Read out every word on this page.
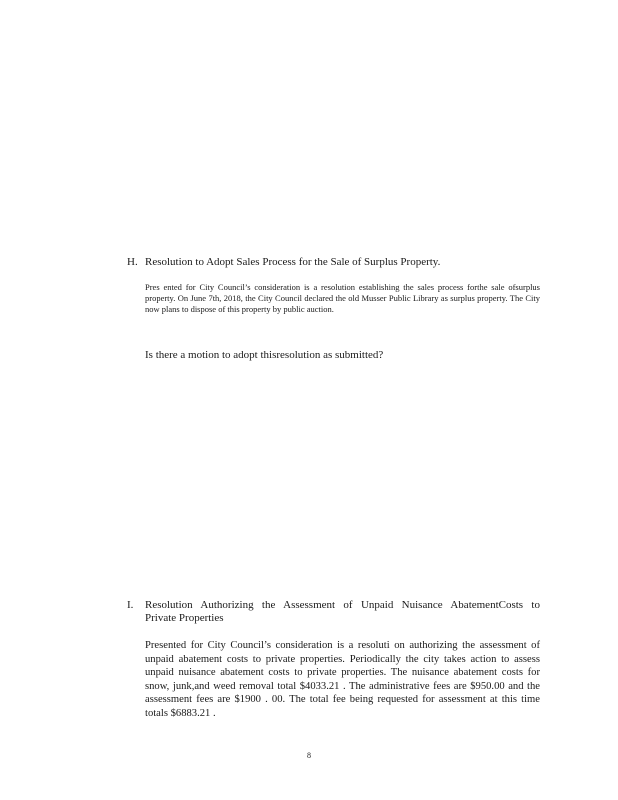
H. Resolution to Adopt Sales Process for the Sale of Surplus Property.
Pres ented for City Council’s consideration is a resolution establishing the sales process forthe sale ofsurplus property. On June 7th, 2018, the City Council declared the old Musser Public Library as surplus property. The City now plans to dispose of this property by public auction.
Is there a motion to adopt thisresolution as submitted?
I. Resolution Authorizing the Assessment of Unpaid Nuisance AbatementCosts to
Private Properties
Presented for City Council’s consideration is a resoluti on authorizing the assessment of unpaid abatement costs to private properties. Periodically the city takes action to assess unpaid nuisance abatement costs to private properties. The nuisance abatement costs for snow, junk,and weed removal total $4033.21 . The administrative fees are $950.00 and the assessment fees are $1900 . 00. The total fee being requested for assessment at this time totals $6883.21 .
8
